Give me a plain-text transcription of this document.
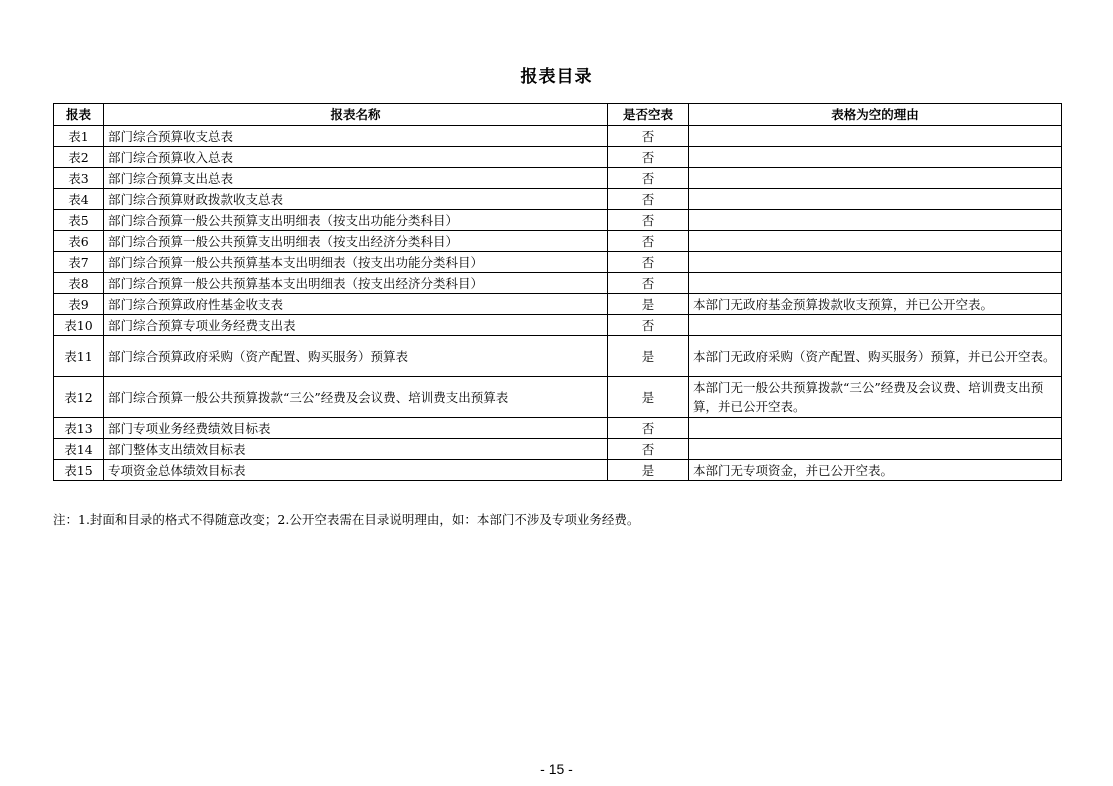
报表目录
报表	报表名称	是否空表	表格为空的理由
表1	部门综合预算收支总表	否	
表2	部门综合预算收入总表	否	
表3	部门综合预算支出总表	否	
表4	部门综合预算财政拨款收支总表	否	
表5	部门综合预算一般公共预算支出明细表（按支出功能分类科目）	否	
表6	部门综合预算一般公共预算支出明细表（按支出经济分类科目）	否	
表7	部门综合预算一般公共预算基本支出明细表（按支出功能分类科目）	否	
表8	部门综合预算一般公共预算基本支出明细表（按支出经济分类科目）	否	
表9	部门综合预算政府性基金收支表	是	本部门无政府基金预算拨款收支预算，并已公开空表。
表10	部门综合预算专项业务经费支出表	否	
表11	部门综合预算政府采购（资产配置、购买服务）预算表	是	本部门无政府采购（资产配置、购买服务）预算，并已公开空表。
表12	部门综合预算一般公共预算拨款“三公”经费及会议费、培训费支出预算表	是	本部门无一般公共预算拨款“三公”经费及会议费、培训费支出预算，并已公开空表。
表13	部门专项业务经费绩效目标表	否	
表14	部门整体支出绩效目标表	否	
表15	专项资金总体绩效目标表	是	本部门无专项资金，并已公开空表。
注：1.封面和目录的格式不得随意改变；2.公开空表需在目录说明理由，如：本部门不涉及专项业务经费。
- 15 -
